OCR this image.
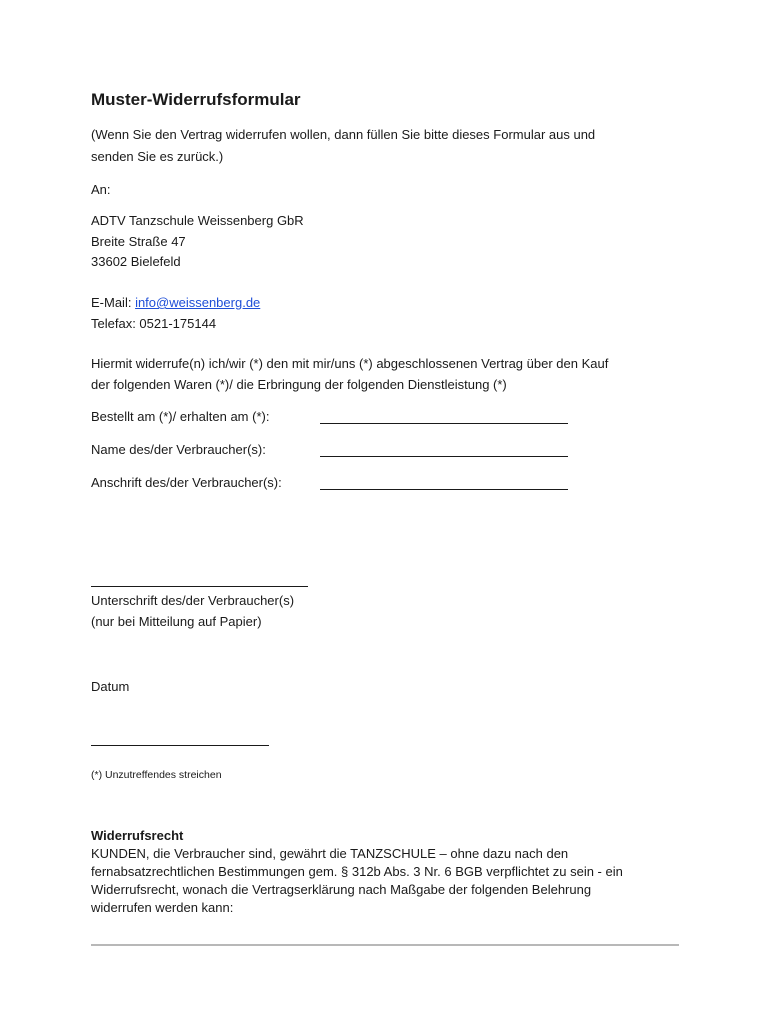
Muster-Widerrufsformular
(Wenn Sie den Vertrag widerrufen wollen, dann füllen Sie bitte dieses Formular aus und
senden Sie es zurück.)
An:
ADTV Tanzschule Weissenberg GbR
Breite Straße 47
33602 Bielefeld
E-Mail: info@weissenberg.de
Telefax: 0521-175144
Hiermit widerrufe(n) ich/wir (*) den mit mir/uns (*) abgeschlossenen Vertrag über den Kauf
der folgenden Waren (*)/ die Erbringung der folgenden Dienstleistung (*)
Bestellt am (*)/ erhalten am (*):
Name des/der Verbraucher(s):
Anschrift des/der Verbraucher(s):
Unterschrift des/der Verbraucher(s)
(nur bei Mitteilung auf Papier)
Datum
(*) Unzutreffendes streichen
Widerrufsrecht
KUNDEN, die Verbraucher sind, gewährt die TANZSCHULE – ohne dazu nach den
fernabsatzrechtlichen Bestimmungen gem. § 312b Abs. 3 Nr. 6 BGB verpflichtet zu sein - ein
Widerrufsrecht, wonach die Vertragserklärung nach Maßgabe der folgenden Belehrung
widerrufen werden kann:
